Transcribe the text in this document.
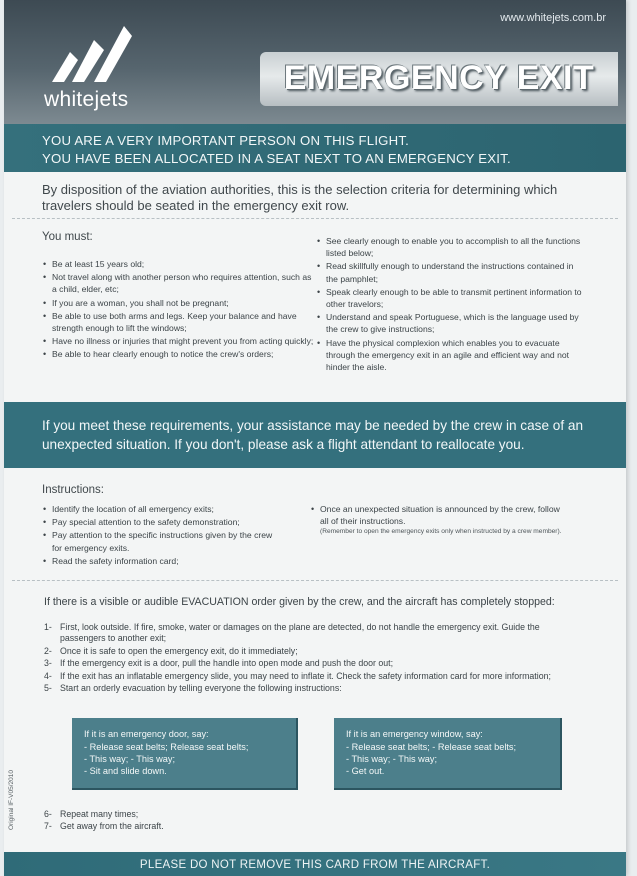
www.whitejets.com.br
whitejets
EMERGENCY EXIT
YOU ARE A VERY IMPORTANT PERSON ON THIS FLIGHT.
YOU HAVE BEEN ALLOCATED IN A SEAT NEXT TO AN EMERGENCY EXIT.
By disposition of the aviation authorities, this is the selection criteria for determining which travelers should be seated in the emergency exit row.
You must:
• Be at least 15 years old;
• Not travel along with another person who requires attention, such as a child, elder, etc;
• If you are a woman, you shall not be pregnant;
• Be able to use both arms and legs. Keep your balance and have strength enough to lift the windows;
• Have no illness or injuries that might prevent you from acting quickly;
• Be able to hear clearly enough to notice the crew's orders;
• See clearly enough to enable you to accomplish to all the functions listed below;
• Read skillfully enough to understand the instructions contained in the pamphlet;
• Speak clearly enough to be able to transmit pertinent information to other travelors;
• Understand and speak Portuguese, which is the language used by the crew to give instructions;
• Have the physical complexion which enables you to evacuate through the emergency exit in an agile and efficient way and not hinder the aisle.
If you meet these requirements, your assistance may be needed by the crew in case of an
unexpected situation. If you don't, please ask a flight attendant to reallocate you.
Instructions:
• Identify the location of all emergency exits;
• Pay special attention to the safety demonstration;
• Pay attention to the specific instructions given by the crew for emergency exits.
• Read the safety information card;
• Once an unexpected situation is announced by the crew, follow all of their instructions.
(Remember to open the emergency exits only when instructed by a crew member).
If there is a visible or audible EVACUATION order given by the crew, and the aircraft has completely stopped:
1- First, look outside. If fire, smoke, water or damages on the plane are detected, do not handle the emergency exit. Guide the passengers to another exit;
2- Once it is safe to open the emergency exit, do it immediately;
3- If the emergency exit is a door, pull the handle into open mode and push the door out;
4- If the exit has an inflatable emergency slide, you may need to inflate it. Check the safety information card for more information;
5- Start an orderly evacuation by telling everyone the following instructions:
If it is an emergency door, say:
- Release seat belts; Release seat belts;
- This way; - This way;
- Sit and slide down.
If it is an emergency window, say:
- Release seat belts; - Release seat belts;
- This way; - This way;
- Get out.
6- Repeat many times;
7- Get away from the aircraft.
Original IF-V05/2010
PLEASE DO NOT REMOVE THIS CARD FROM THE AIRCRAFT.
